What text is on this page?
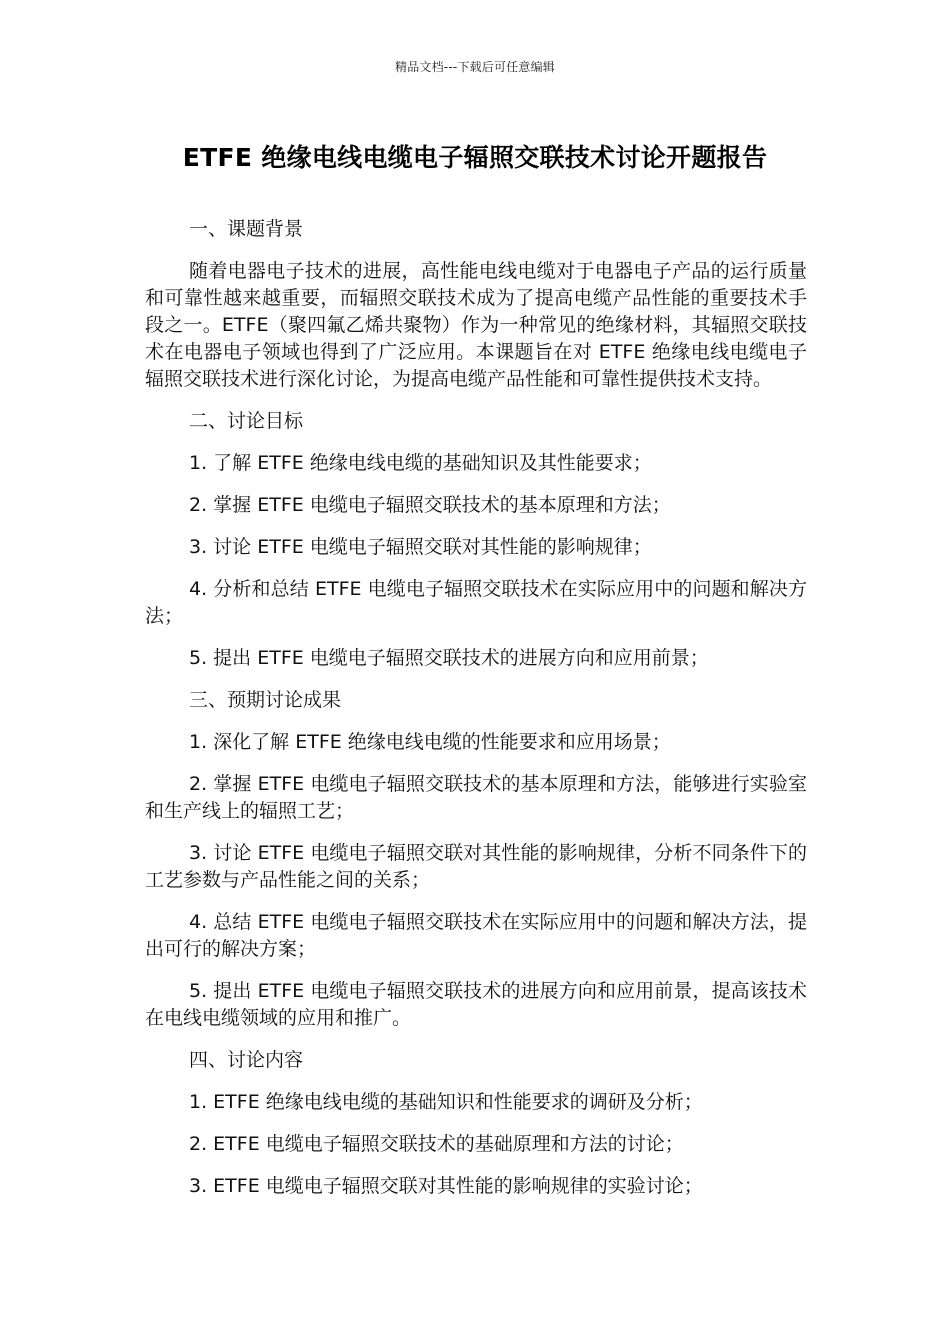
精品文档---下载后可任意编辑
ETFE 绝缘电线电缆电子辐照交联技术讨论开题报告

一、课题背景

随着电器电子技术的进展，高性能电线电缆对于电器电子产品的运行质量和可靠性越来越重要，而辐照交联技术成为了提高电缆产品性能的重要技术手段之一。ETFE（聚四氟乙烯共聚物）作为一种常见的绝缘材料，其辐照交联技术在电器电子领域也得到了广泛应用。本课题旨在对 ETFE 绝缘电线电缆电子辐照交联技术进行深化讨论，为提高电缆产品性能和可靠性提供技术支持。

二、讨论目标

1. 了解 ETFE 绝缘电线电缆的基础知识及其性能要求；

2. 掌握 ETFE 电缆电子辐照交联技术的基本原理和方法；

3. 讨论 ETFE 电缆电子辐照交联对其性能的影响规律；

4. 分析和总结 ETFE 电缆电子辐照交联技术在实际应用中的问题和解决方法；

5. 提出 ETFE 电缆电子辐照交联技术的进展方向和应用前景；

三、预期讨论成果

1. 深化了解 ETFE 绝缘电线电缆的性能要求和应用场景；

2. 掌握 ETFE 电缆电子辐照交联技术的基本原理和方法，能够进行实验室和生产线上的辐照工艺；

3. 讨论 ETFE 电缆电子辐照交联对其性能的影响规律，分析不同条件下的工艺参数与产品性能之间的关系；

4. 总结 ETFE 电缆电子辐照交联技术在实际应用中的问题和解决方法，提出可行的解决方案；

5. 提出 ETFE 电缆电子辐照交联技术的进展方向和应用前景，提高该技术在电线电缆领域的应用和推广。

四、讨论内容

1. ETFE 绝缘电线电缆的基础知识和性能要求的调研及分析；

2. ETFE 电缆电子辐照交联技术的基础原理和方法的讨论；

3. ETFE 电缆电子辐照交联对其性能的影响规律的实验讨论；
